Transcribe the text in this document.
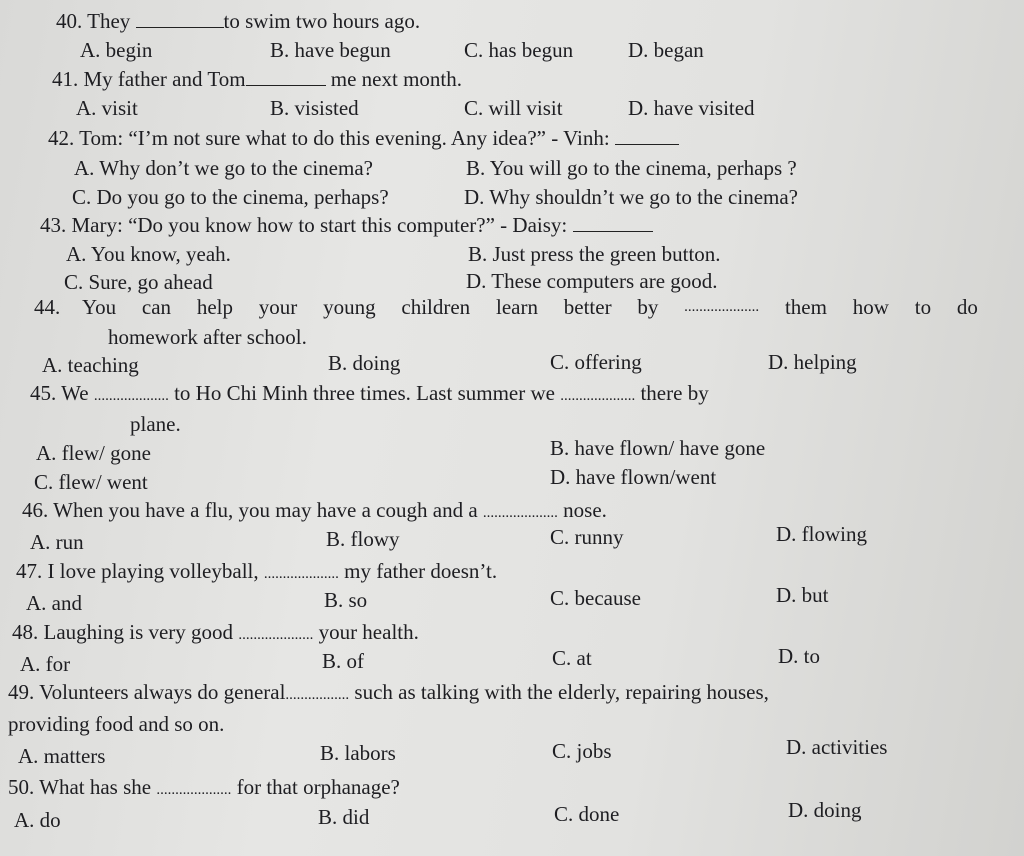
40. They	to swim two hours ago.
A. begin	B. have begun	C. has begun	D. began
41. My father and Tom	me next month.
A. visit	B. visisted	C. will visit	D. have visited
42. Tom: “I’m not sure what to do this evening. Any idea?” - Vinh:
A. Why don’t we go to the cinema?	B. You will go to the cinema, perhaps ?
C. Do you go to the cinema, perhaps?	D. Why shouldn’t we go to the cinema?
43. Mary: “Do you know how to start this computer?” - Daisy:
A. You know, yeah.	B. Just press the green button.
C. Sure, go ahead	D. These computers are good.
44. You can help your young children learn better by .................... them how to do
homework after school.
A. teaching	B. doing	C. offering	D. helping
45. We .................... to Ho Chi Minh three times. Last summer we .................... there by
plane.
A. flew/ gone	B. have flown/ have gone
C. flew/ went	D. have flown/went
46. When you have a flu, you may have a cough and a .................... nose.
A. run	B. flowy	C. runny	D. flowing
47. I love playing volleyball, .................... my father doesn’t.
A. and	B. so	C. because	D. but
48. Laughing is very good .................... your health.
A. for	B. of	C. at	D. to
49. Volunteers always do general................. such as talking with the elderly, repairing houses,
providing food and so on.
A. matters	B. labors	C. jobs	D. activities
50. What has she .................... for that orphanage?
A. do	B. did	C. done	D. doing
